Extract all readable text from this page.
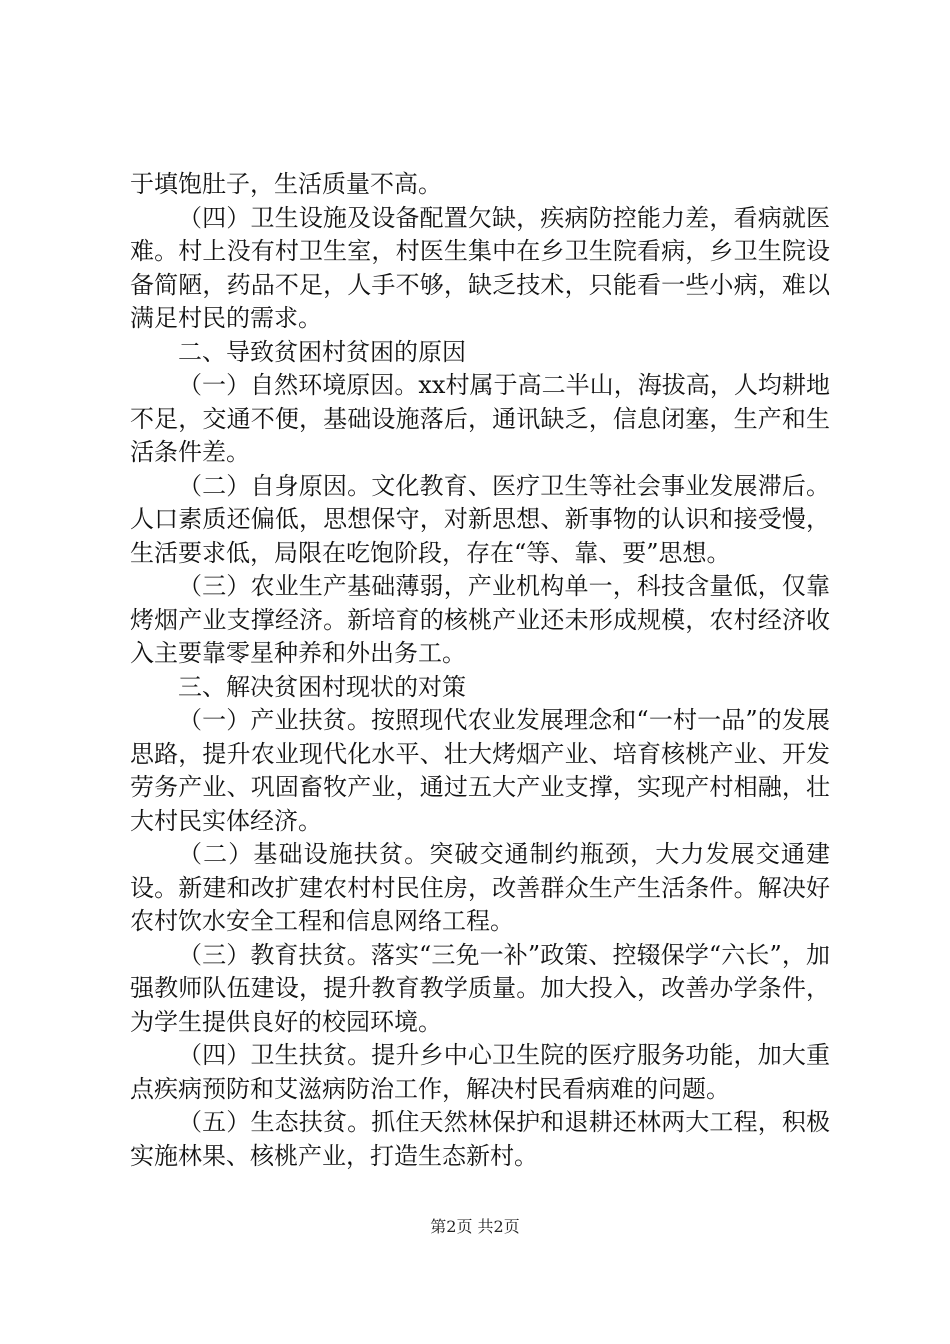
于填饱肚子，生活质量不高。

（四）卫生设施及设备配置欠缺，疾病防控能力差，看病就医难。村上没有村卫生室，村医生集中在乡卫生院看病，乡卫生院设备简陋，药品不足，人手不够，缺乏技术，只能看一些小病，难以满足村民的需求。

二、导致贫困村贫困的原因

（一）自然环境原因。xx村属于高二半山，海拔高，人均耕地不足，交通不便，基础设施落后，通讯缺乏，信息闭塞，生产和生活条件差。

（二）自身原因。文化教育、医疗卫生等社会事业发展滞后。人口素质还偏低，思想保守，对新思想、新事物的认识和接受慢，生活要求低，局限在吃饱阶段，存在“等、靠、要”思想。

（三）农业生产基础薄弱，产业机构单一，科技含量低，仅靠烤烟产业支撑经济。新培育的核桃产业还未形成规模，农村经济收入主要靠零星种养和外出务工。

三、解决贫困村现状的对策

（一）产业扶贫。按照现代农业发展理念和“一村一品”的发展思路，提升农业现代化水平、壮大烤烟产业、培育核桃产业、开发劳务产业、巩固畜牧产业，通过五大产业支撑，实现产村相融，壮大村民实体经济。

（二）基础设施扶贫。突破交通制约瓶颈，大力发展交通建设。新建和改扩建农村村民住房，改善群众生产生活条件。解决好农村饮水安全工程和信息网络工程。

（三）教育扶贫。落实“三免一补”政策、控辍保学“六长”，加强教师队伍建设，提升教育教学质量。加大投入，改善办学条件，为学生提供良好的校园环境。

（四）卫生扶贫。提升乡中心卫生院的医疗服务功能，加大重点疾病预防和艾滋病防治工作，解决村民看病难的问题。

（五）生态扶贫。抓住天然林保护和退耕还林两大工程，积极实施林果、核桃产业，打造生态新村。

第2页 共2页
